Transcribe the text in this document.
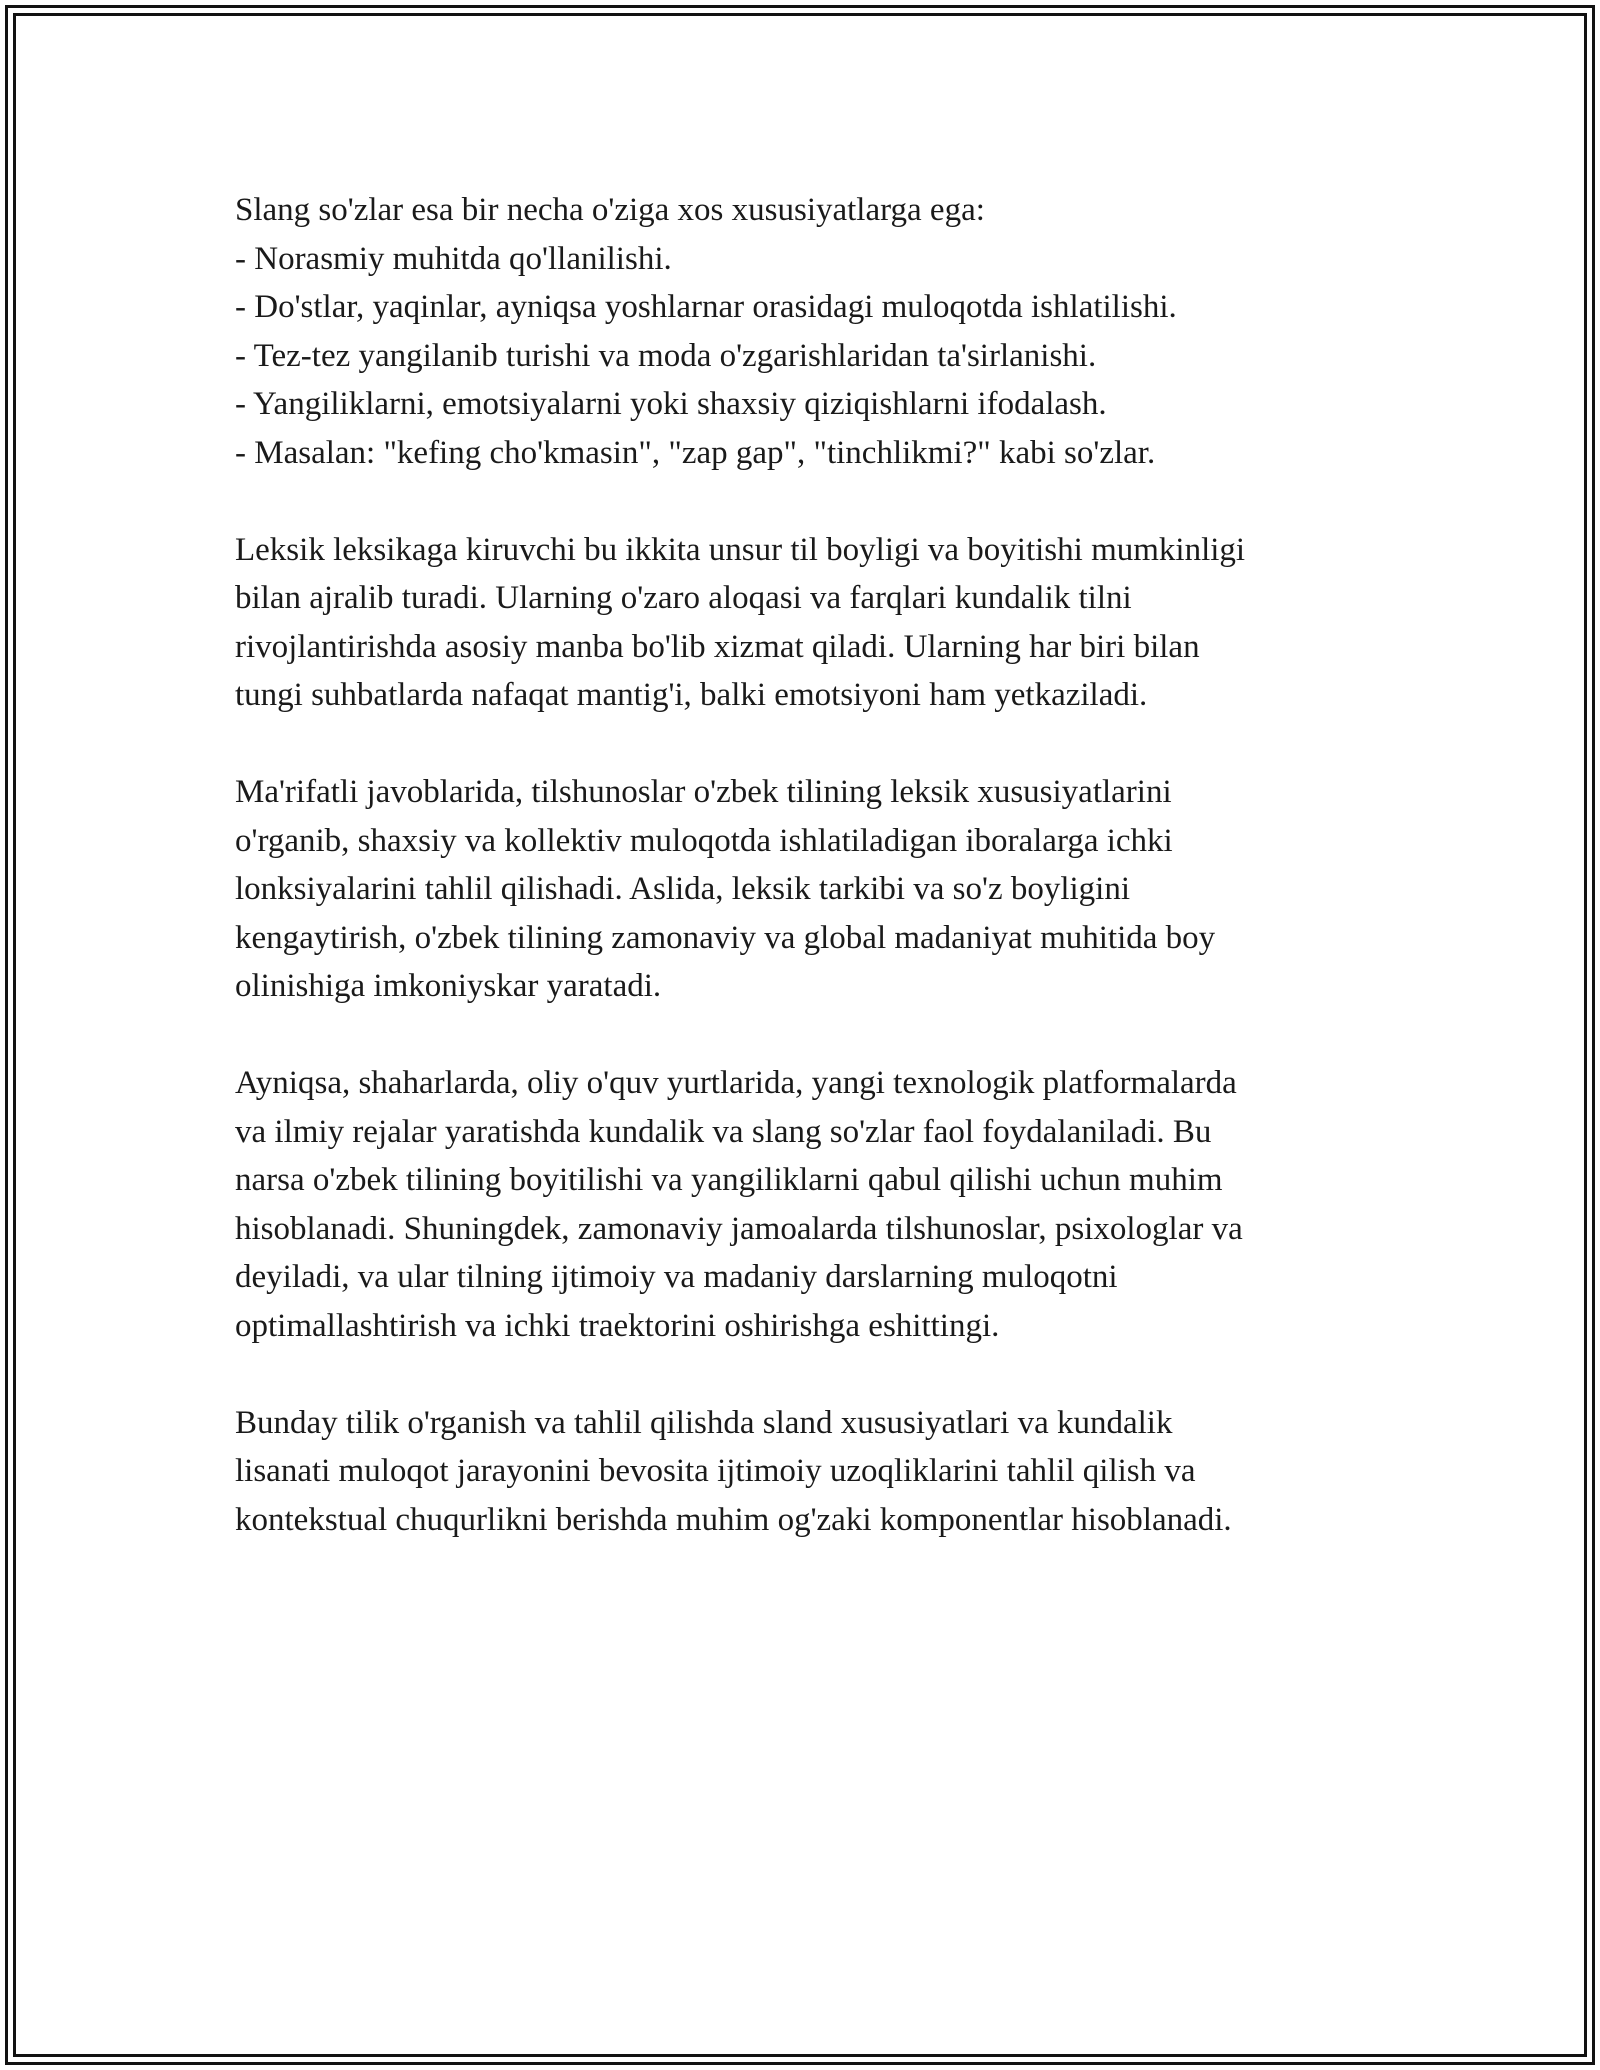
Slang so'zlar esa bir necha o'ziga xos xususiyatlarga ega:
- Norasmiy muhitda qo'llanilishi.
- Do'stlar, yaqinlar, ayniqsa yoshlarnar orasidagi muloqotda ishlatilishi.
- Tez-tez yangilanib turishi va moda o'zgarishlaridan ta'sirlanishi.
- Yangiliklarni, emotsiyalarni yoki shaxsiy qiziqishlarni ifodalash.
- Masalan: "kefing cho'kmasin", "zap gap", "tinchlikmi?" kabi so'zlar.

Leksik leksikaga kiruvchi bu ikkita unsur til boyligi va boyitishi mumkinligi
bilan ajralib turadi. Ularning o'zaro aloqasi va farqlari kundalik tilni
rivojlantirishda asosiy manba bo'lib xizmat qiladi. Ularning har biri bilan
tungi suhbatlarda nafaqat mantig'i, balki emotsiyoni ham yetkaziladi.

Ma'rifatli javoblarida, tilshunoslar o'zbek tilining leksik xususiyatlarini
o'rganib, shaxsiy va kollektiv muloqotda ishlatiladigan iboralarga ichki
lonksiyalarini tahlil qilishadi. Aslida, leksik tarkibi va so'z boyligini
kengaytirish, o'zbek tilining zamonaviy va global madaniyat muhitida boy
olinishiga imkoniyskar yaratadi.

Ayniqsa, shaharlarda, oliy o'quv yurtlarida, yangi texnologik platformalarda
va ilmiy rejalar yaratishda kundalik va slang so'zlar faol foydalaniladi. Bu
narsa o'zbek tilining boyitilishi va yangiliklarni qabul qilishi uchun muhim
hisoblanadi. Shuningdek, zamonaviy jamoalarda tilshunoslar, psixologlar va
deyiladi, va ular tilning ijtimoiy va madaniy darslarning muloqotni
optimallashtirish va ichki traektorini oshirishga eshittingi.

Bunday tilik o'rganish va tahlil qilishda sland xususiyatlari va kundalik
lisanati muloqot jarayonini bevosita ijtimoiy uzoqliklarini tahlil qilish va
kontekstual chuqurlikni berishda muhim og'zaki komponentlar hisoblanadi.
